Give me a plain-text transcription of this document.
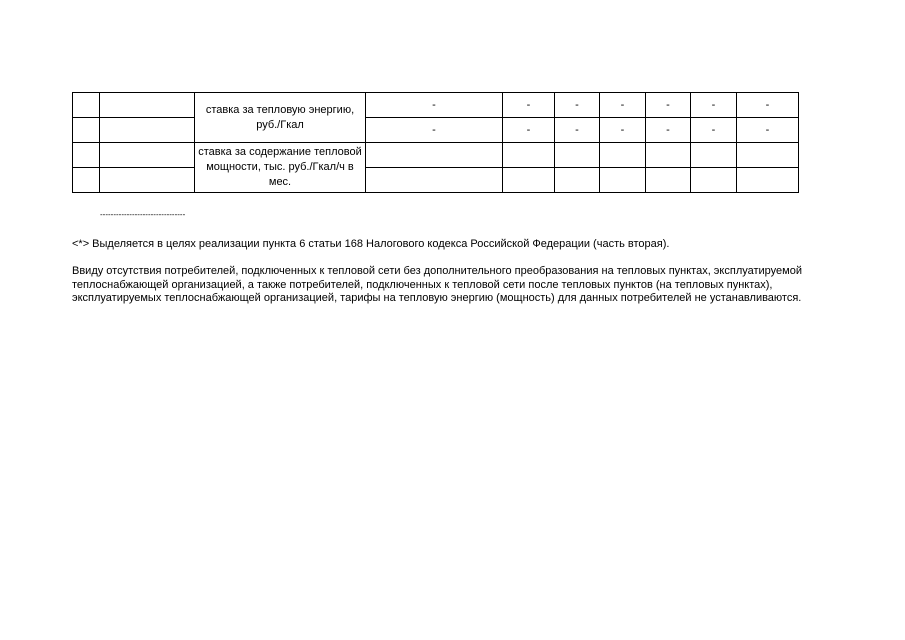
		ставка за тепловую энергию, руб./Гкал	-	-	-	-	-	-	-
			-	-	-	-	-	-	-
		ставка за содержание тепловой мощности, тыс. руб./Гкал/ч в мес.							

--------------------------------
<*> Выделяется в целях реализации пункта 6 статьи 168 Налогового кодекса Российской Федерации (часть вторая).
Ввиду отсутствия потребителей, подключенных к тепловой сети без дополнительного преобразования на тепловых пунктах, эксплуатируемой теплоснабжающей организацией, а также потребителей, подключенных к тепловой сети после тепловых пунктов (на тепловых пунктах), эксплуатируемых теплоснабжающей организацией, тарифы на тепловую энергию (мощность) для данных потребителей не устанавливаются.
